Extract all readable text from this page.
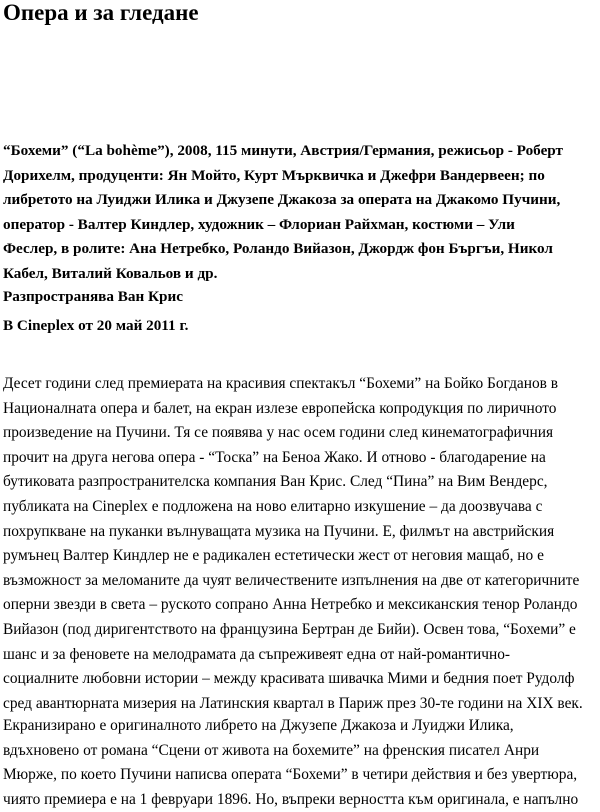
Опера и за гледане
“Бохеми” (“La bohème”), 2008, 115 минути, Австрия/Германия, режисьор - Роберт
Дорихелм, продуценти: Ян Мойто, Курт Мърквичка и Джефри Вандервеен; по
либретото на Луиджи Илика и Джузепе Джакоза за операта на Джакомо Пучини,
оператор - Валтер Киндлер, художник – Флориан Райхман, костюми – Ули
Феслер, в ролите: Ана Нетребко, Роландо Вийазон, Джордж фон Бъргъи, Никол
Кабел, Виталий Ковальов и др.
Разпространява Ван Крис
В Cineplex от 20 май 2011 г.
Десет години след премиерата на красивия спектакъл “Бохеми” на Бойко Богданов в
Националната опера и балет, на екран излезе европейска копродукция по лиричното
произведение на Пучини. Тя се появява у нас осем години след кинематографичния
прочит на друга негова опера - “Тоска” на Беноа Жако. И отново - благодарение на
бутиковата разпространителска компания Ван Крис. След “Пина” на Вим Вендерс,
публиката на Cineplex е подложена на ново елитарно изкушение – да доозвучава с
похрупкване на пуканки вълнуващата музика на Пучини. Е, филмът на австрийския
румънец Валтер Киндлер не е радикален естетически жест от неговия мащаб, но е
възможност за меломаните да чуят величествените изпълнения на две от категоричните
оперни звезди в света – руското сопрано Анна Нетребко и мексиканския тенор Роландо
Вийазон (под диригентството на французина Бертран де Бийи). Освен това, “Бохеми” е
шанс и за феновете на мелодрамата да съпреживеят една от най-романтично-
социалните любовни истории – между красивата шивачка Мими и бедния поет Рудолф
сред авантюрната мизерия на Латинския квартал в Париж през 30-те години на XIX век.
Екранизирано е оригиналното либрето на Джузепе Джакоза и Луиджи Илика,
вдъхновено от романа “Сцени от живота на бохемите” на френския писател Анри
Мюрже, по което Пучини написва операта “Бохеми” в четири действия и без увертюра,
чиято премиера е на 1 февруари 1896. Но, въпреки верността към оригинала, е напълно
